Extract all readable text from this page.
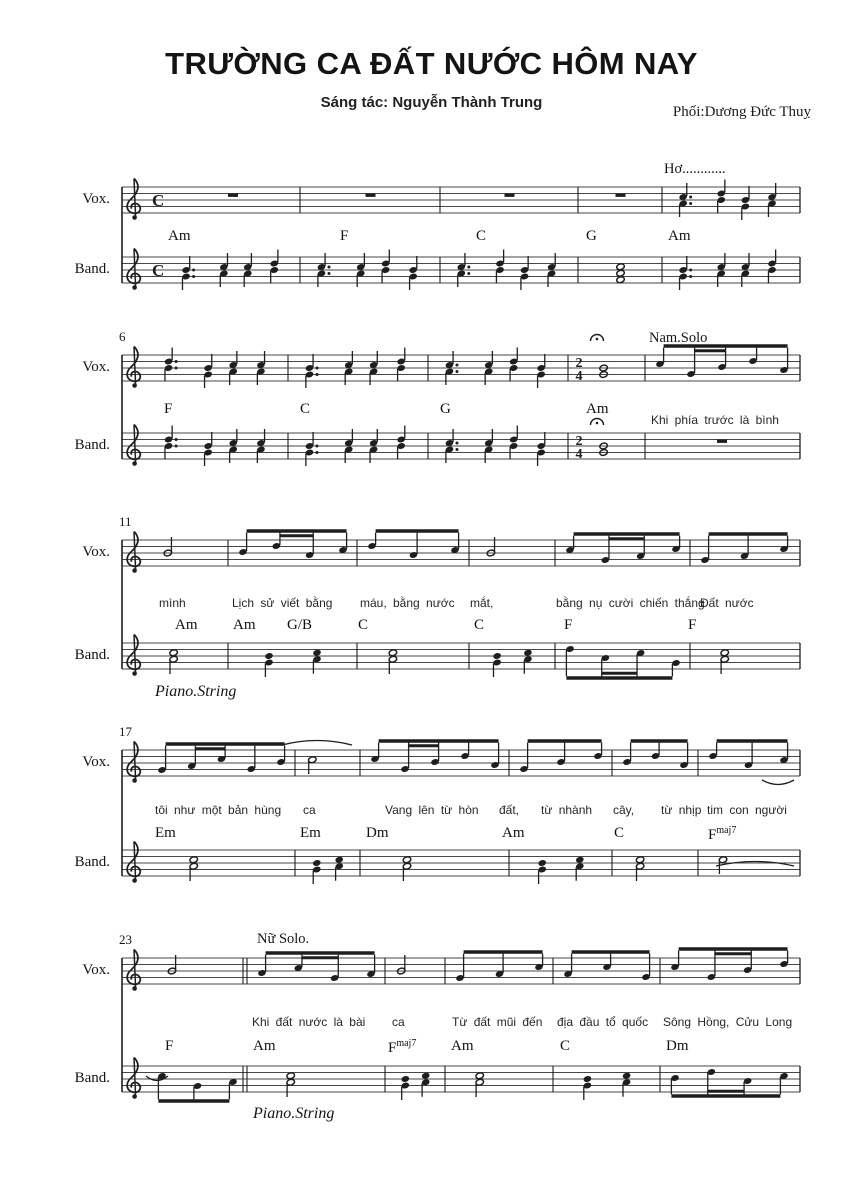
TRƯỜNG CA ĐẤT NƯỚC HÔM NAY
Sáng tác: Nguyễn Thành Trung
Phối:Dương Đức Thuỵ
C
C
2
4
2
4
Vox.
Band.
Am	F	C	G	Am
Hơ............
Vox.
Band.
6
F	C	G	Am
Khi phía trước là bình
Nam.Solo
Vox.
Band.
11
Am Am G/B	C	C	F	F
mình	Lịch sử viết bằng máu, bằng nước mắt,	bằng nụ cười chiến thắng
Đất nước
Piano.String
Vox.
Band.
17
Em	Em	Dm	Am	C	$F^{maj7}$
tôi như một bản hùng ca	Vang lên từ hòn đất, từ nhành cây, từ nhịp tim con người
Vox.
Band.
23
F	Am	$F^{maj7}$ Am	C	Dm
Khi đất nước là bài ca	Từ đất mũi đến địa đầu tổ quốc Sông Hồng, Cửu Long
Nữ Solo.
Piano.String
